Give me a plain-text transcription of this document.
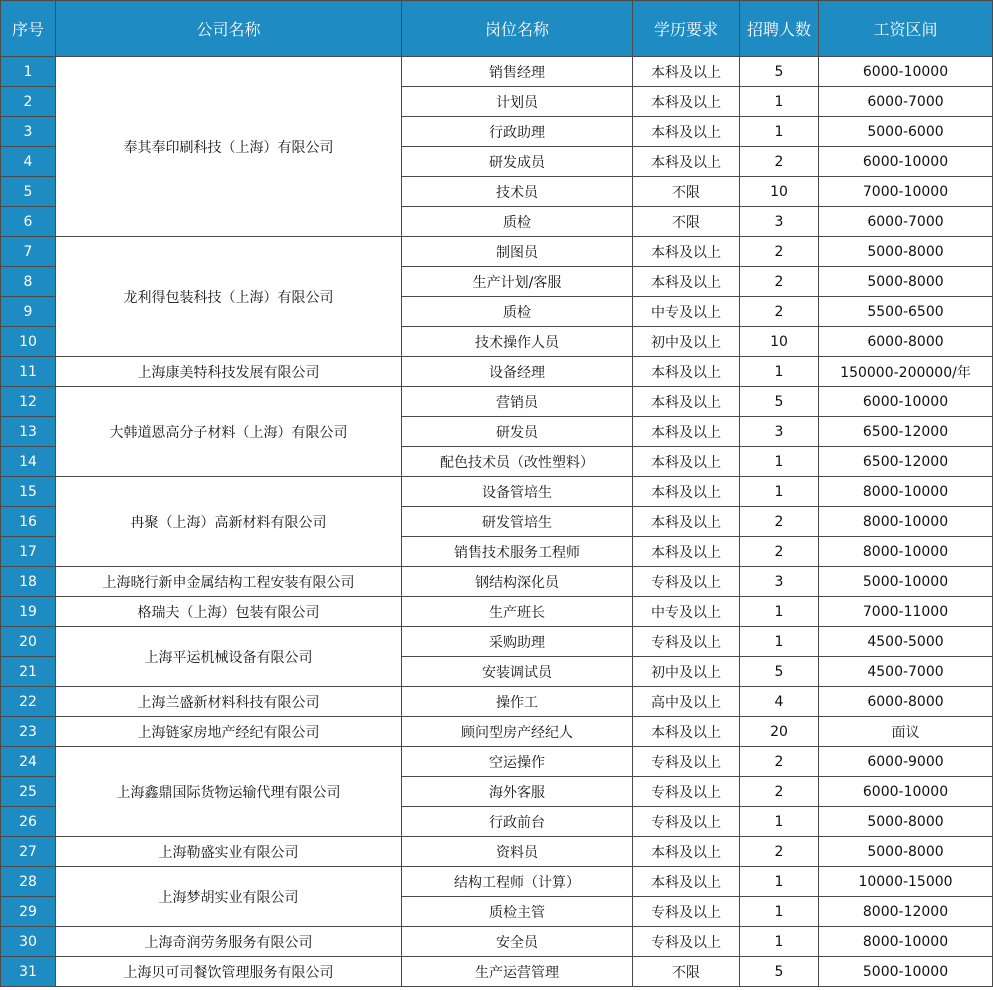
序号	公司名称	岗位名称	学历要求	招聘人数	工资区间
1	奉其奉印刷科技（上海）有限公司	销售经理	本科及以上	5	6000-10000
2		计划员	本科及以上	1	6000-7000
3		行政助理	本科及以上	1	5000-6000
4		研发成员	本科及以上	2	6000-10000
5		技术员	不限	10	7000-10000
6		质检	不限	3	6000-7000
7	龙利得包装科技（上海）有限公司	制图员	本科及以上	2	5000-8000
8		生产计划/客服	本科及以上	2	5000-8000
9		质检	中专及以上	2	5500-6500
10		技术操作人员	初中及以上	10	6000-8000
11	上海康美特科技发展有限公司	设备经理	本科及以上	1	150000-200000/年
12	大韩道恩高分子材料（上海）有限公司	营销员	本科及以上	5	6000-10000
13		研发员	本科及以上	3	6500-12000
14		配色技术员（改性塑料）	本科及以上	1	6500-12000
15	冉聚（上海）高新材料有限公司	设备管培生	本科及以上	1	8000-10000
16		研发管培生	本科及以上	2	8000-10000
17		销售技术服务工程师	本科及以上	2	8000-10000
18	上海晓行新申金属结构工程安装有限公司	钢结构深化员	专科及以上	3	5000-10000
19	格瑞夫（上海）包装有限公司	生产班长	中专及以上	1	7000-11000
20	上海平运机械设备有限公司	采购助理	专科及以上	1	4500-5000
21		安装调试员	初中及以上	5	4500-7000
22	上海兰盛新材料科技有限公司	操作工	高中及以上	4	6000-8000
23	上海链家房地产经纪有限公司	顾问型房产经纪人	本科及以上	20	面议
24	上海鑫鼎国际货物运输代理有限公司	空运操作	专科及以上	2	6000-9000
25		海外客服	专科及以上	2	6000-10000
26		行政前台	专科及以上	1	5000-8000
27	上海勒盛实业有限公司	资料员	本科及以上	2	5000-8000
28	上海梦胡实业有限公司	结构工程师（计算）	本科及以上	1	10000-15000
29		质检主管	专科及以上	1	8000-12000
30	上海奇润劳务服务有限公司	安全员	专科及以上	1	8000-10000
31	上海贝可司餐饮管理服务有限公司	生产运营管理	不限	5	5000-10000
